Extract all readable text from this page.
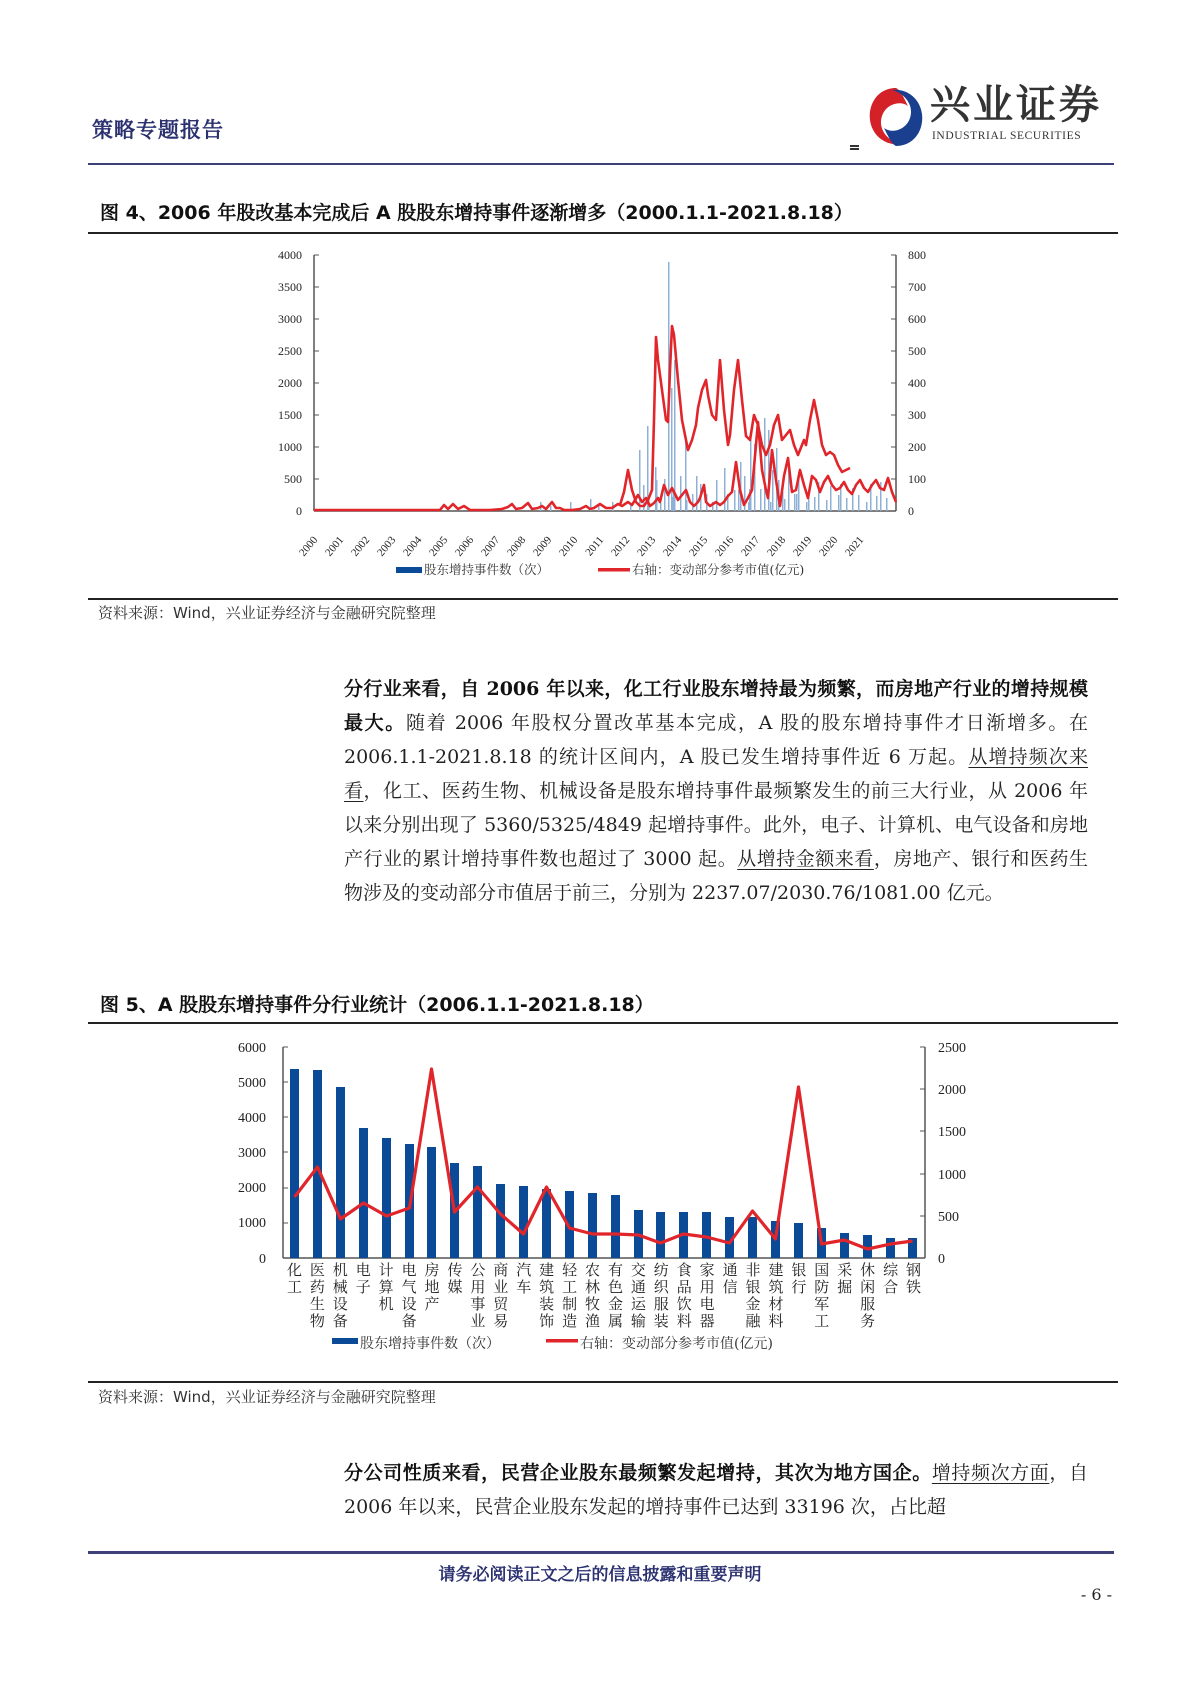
策略专题报告
兴业证券
INDUSTRIAL SECURITIES
图 4、2006 年股改基本完成后 A 股股东增持事件逐渐增多（2000.1.1-2021.8.18）
4000
3500
3000
2500
2000
1500
1000
500
0
800
700
600
500
400
300
200
100
0
2000 2001 2002 2003 2004 2005 2006 2007 2008 2009 2010 2011 2012 2013 2014 2015 2016 2017 2018 2019 2020 2021
股东增持事件数（次）	右轴：变动部分参考市值(亿元)
资料来源：Wind，兴业证券经济与金融研究院整理
分行业来看，自 2006 年以来，化工行业股东增持最为频繁，而房地产行业的增持规模最大。随着 2006 年股权分置改革基本完成，A 股的股东增持事件才日渐增多。在 2006.1.1-2021.8.18 的统计区间内，A 股已发生增持事件近 6 万起。从增持频次来看，化工、医药生物、机械设备是股东增持事件最频繁发生的前三大行业，从 2006 年以来分别出现了 5360/5325/4849 起增持事件。此外，电子、计算机、电气设备和房地产行业的累计增持事件数也超过了 3000 起。从增持金额来看，房地产、银行和医药生物涉及的变动部分市值居于前三，分别为 2237.07/2030.76/1081.00 亿元。
图 5、A 股股东增持事件分行业统计（2006.1.1-2021.8.18）
6000
5000
4000
3000
2000
1000
0
2500
2000
1500
1000
500
0
化工
医药生物
机械设备
电子
计算机
电气设备
房地产
传媒
公用事业
商业贸易
汽车
建筑装饰
轻工制造
农林牧渔
有色金属
交通运输
纺织服装
食品饮料
家用电器
通信
非银金融
建筑材料
银行
国防军工
采掘
休闲服务
综合
钢铁
股东增持事件数（次）	右轴：变动部分参考市值(亿元)
资料来源：Wind，兴业证券经济与金融研究院整理
分公司性质来看，民营企业股东最频繁发起增持，其次为地方国企。增持频次方面，自 2006 年以来，民营企业股东发起的增持事件已达到 33196 次，占比超
请务必阅读正文之后的信息披露和重要声明
- 6 -
